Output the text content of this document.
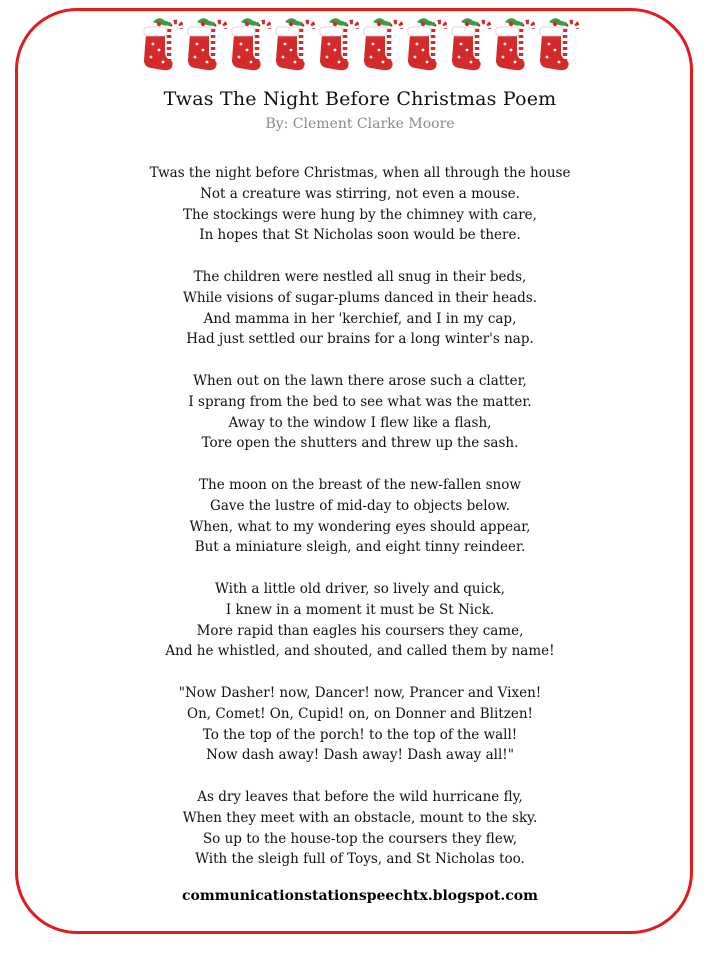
Twas The Night Before Christmas Poem
By: Clement Clarke Moore
Twas the night before Christmas, when all through the house
Not a creature was stirring, not even a mouse.
The stockings were hung by the chimney with care,
In hopes that St Nicholas soon would be there.
The children were nestled all snug in their beds,
While visions of sugar-plums danced in their heads.
And mamma in her 'kerchief, and I in my cap,
Had just settled our brains for a long winter's nap.
When out on the lawn there arose such a clatter,
I sprang from the bed to see what was the matter.
Away to the window I flew like a flash,
Tore open the shutters and threw up the sash.
The moon on the breast of the new-fallen snow
Gave the lustre of mid-day to objects below.
When, what to my wondering eyes should appear,
But a miniature sleigh, and eight tinny reindeer.
With a little old driver, so lively and quick,
I knew in a moment it must be St Nick.
More rapid than eagles his coursers they came,
And he whistled, and shouted, and called them by name!
"Now Dasher! now, Dancer! now, Prancer and Vixen!
On, Comet! On, Cupid! on, on Donner and Blitzen!
To the top of the porch! to the top of the wall!
Now dash away! Dash away! Dash away all!"
As dry leaves that before the wild hurricane fly,
When they meet with an obstacle, mount to the sky.
So up to the house-top the coursers they flew,
With the sleigh full of Toys, and St Nicholas too.
communicationstationspeechtx.blogspot.com
